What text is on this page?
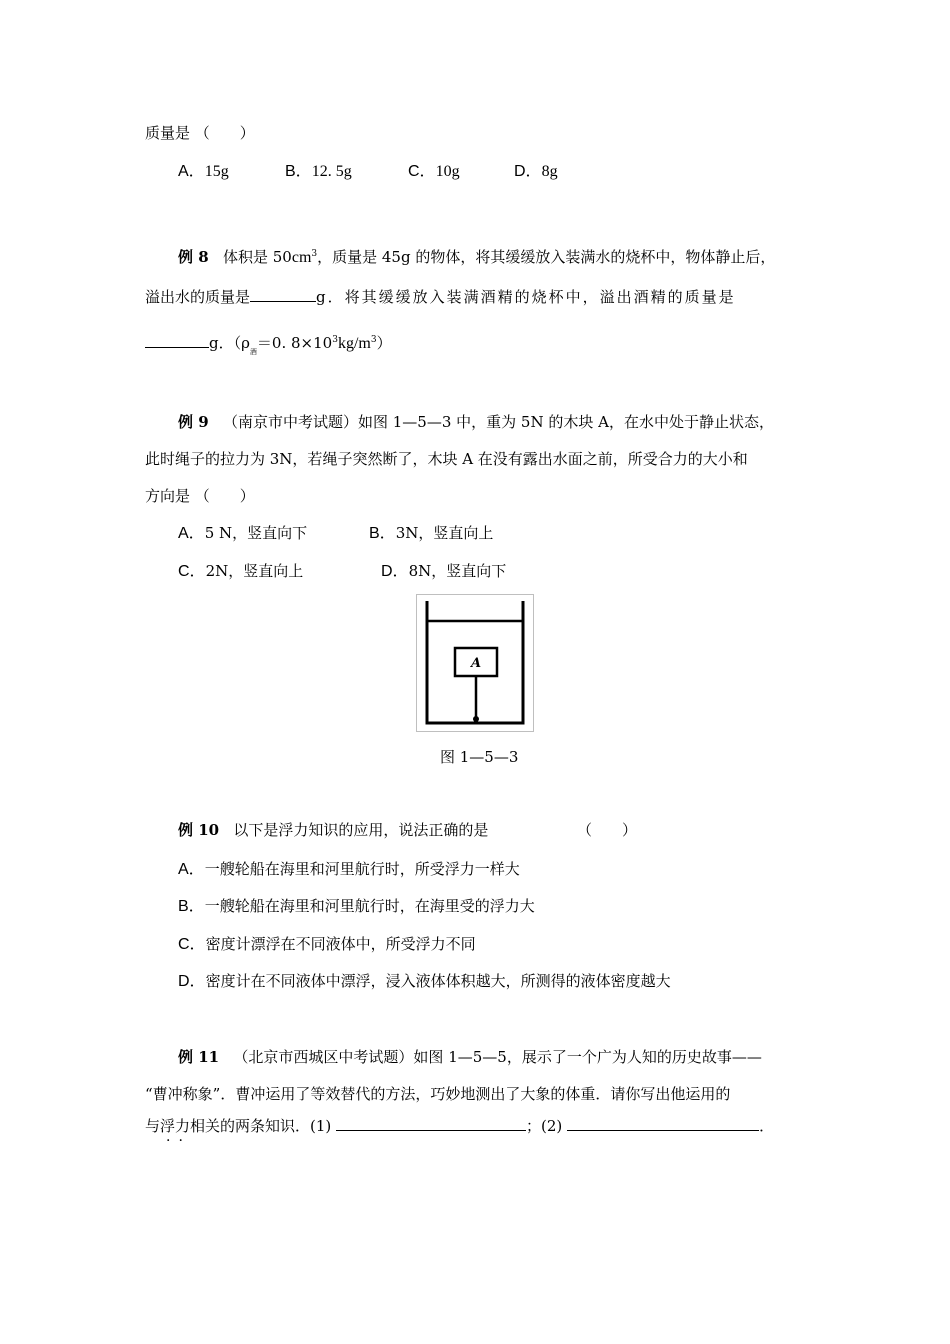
质量是 （　　）
A．15g	B．12. 5g	C．10g	D．8g
例 8 体积是 $50cm^3$，质量是 45g 的物体，将其缓缓放入装满水的烧杯中，物体静止后，
溢出水的质量是	g．将其缓缓放入装满酒精的烧杯中，溢出酒精的质量是
g．（$\rho_酒=0$. $8\times 10^3kg/m^3$）
例 9 （南京市中考试题）如图 1—5—3 中，重为 5N 的木块 A，在水中处于静止状态，
此时绳子的拉力为 3N，若绳子突然断了，木块 A 在没有露出水面之前，所受合力的大小和
方向是 （　　）
A．5 N，竖直向下	B．3N，竖直向上
C．2N，竖直向上	D．8N，竖直向下
A
图 1—5—3
例 10 以下是浮力知识的应用，说法正确的是	（　　）
A．一艘轮船在海里和河里航行时，所受浮力一样大
B．一艘轮船在海里和河里航行时，在海里受的浮力大
C．密度计漂浮在不同液体中，所受浮力不同
D．密度计在不同液体中漂浮，浸入液体体积越大，所测得的液体密度越大
例 11 （北京市西城区中考试题）如图 1—5—5，展示了一个广为人知的历史故事——
“曹冲称象”．曹冲运用了等效替代的方法，巧妙地测出了大象的体重．请你写出他运用的
与浮力相关的两条知识．(1)	；(2)	．
··
